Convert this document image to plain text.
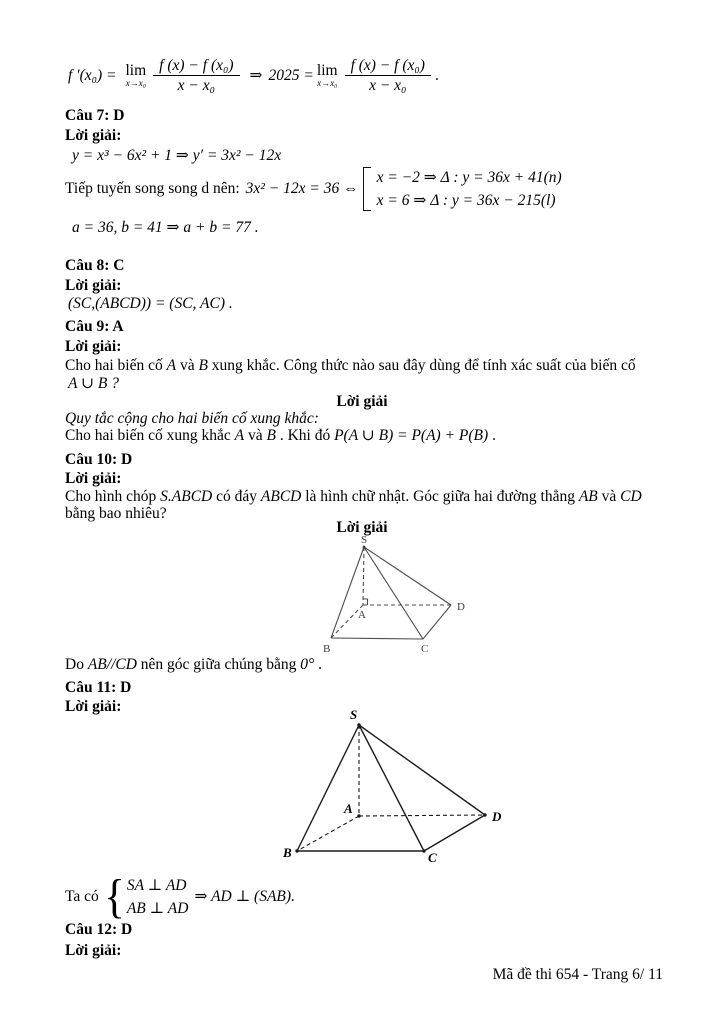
f ′(x₀) = lim
$x\to x_0 \frac{\text{f (x) − f (x₀)}}{\text{x − x₀}}$ ⇒ 2025 = lim
$x\to x_0 \frac{\text{f (x) − f (x₀)}}{\text{x − x₀}}$ .
Câu 7: D
Lời giải:
y = x³ − 6x² + 1 ⇒ y′ = 3x² − 12x
Tiếp tuyến song song d nên: 3x² − 12x = 36 ⇔
x = −2 ⇒ Δ : y = 36x + 41(n)
x = 6 ⇒ Δ : y = 36x − 215(l)
a = 36, b = 41 ⇒ a + b = 77 .
Câu 8: C
Lời giải:
(SC,(ABCD)) = (SC, AC) .
Câu 9: A
Lời giải:
Cho hai biến cố A và B xung khắc. Công thức nào sau đây dùng để tính xác suất của biến cố
A ∪ B ?
Lời giải
Quy tắc cộng cho hai biến cố xung khắc:
Cho hai biến cố xung khắc A và B . Khi đó P(A ∪ B) = P(A) + P(B) .
Câu 10: D
Lời giải:
Cho hình chóp S.ABCD có đáy ABCD là hình chữ nhật. Góc giữa hai đường thẳng AB và CD
bằng bao nhiêu?
Lời giải
S
A
B	C
D
Do AB//CD nên góc giữa chúng bằng 0° .
Câu 11: D
Lời giải:	S
A
B	C
D
Ta có { SA ⊥ AD
AB ⊥ AD
⇒ AD ⊥ (SAB).
Câu 12: D
Lời giải:
Mã đề thi 654 - Trang 6/ 11
